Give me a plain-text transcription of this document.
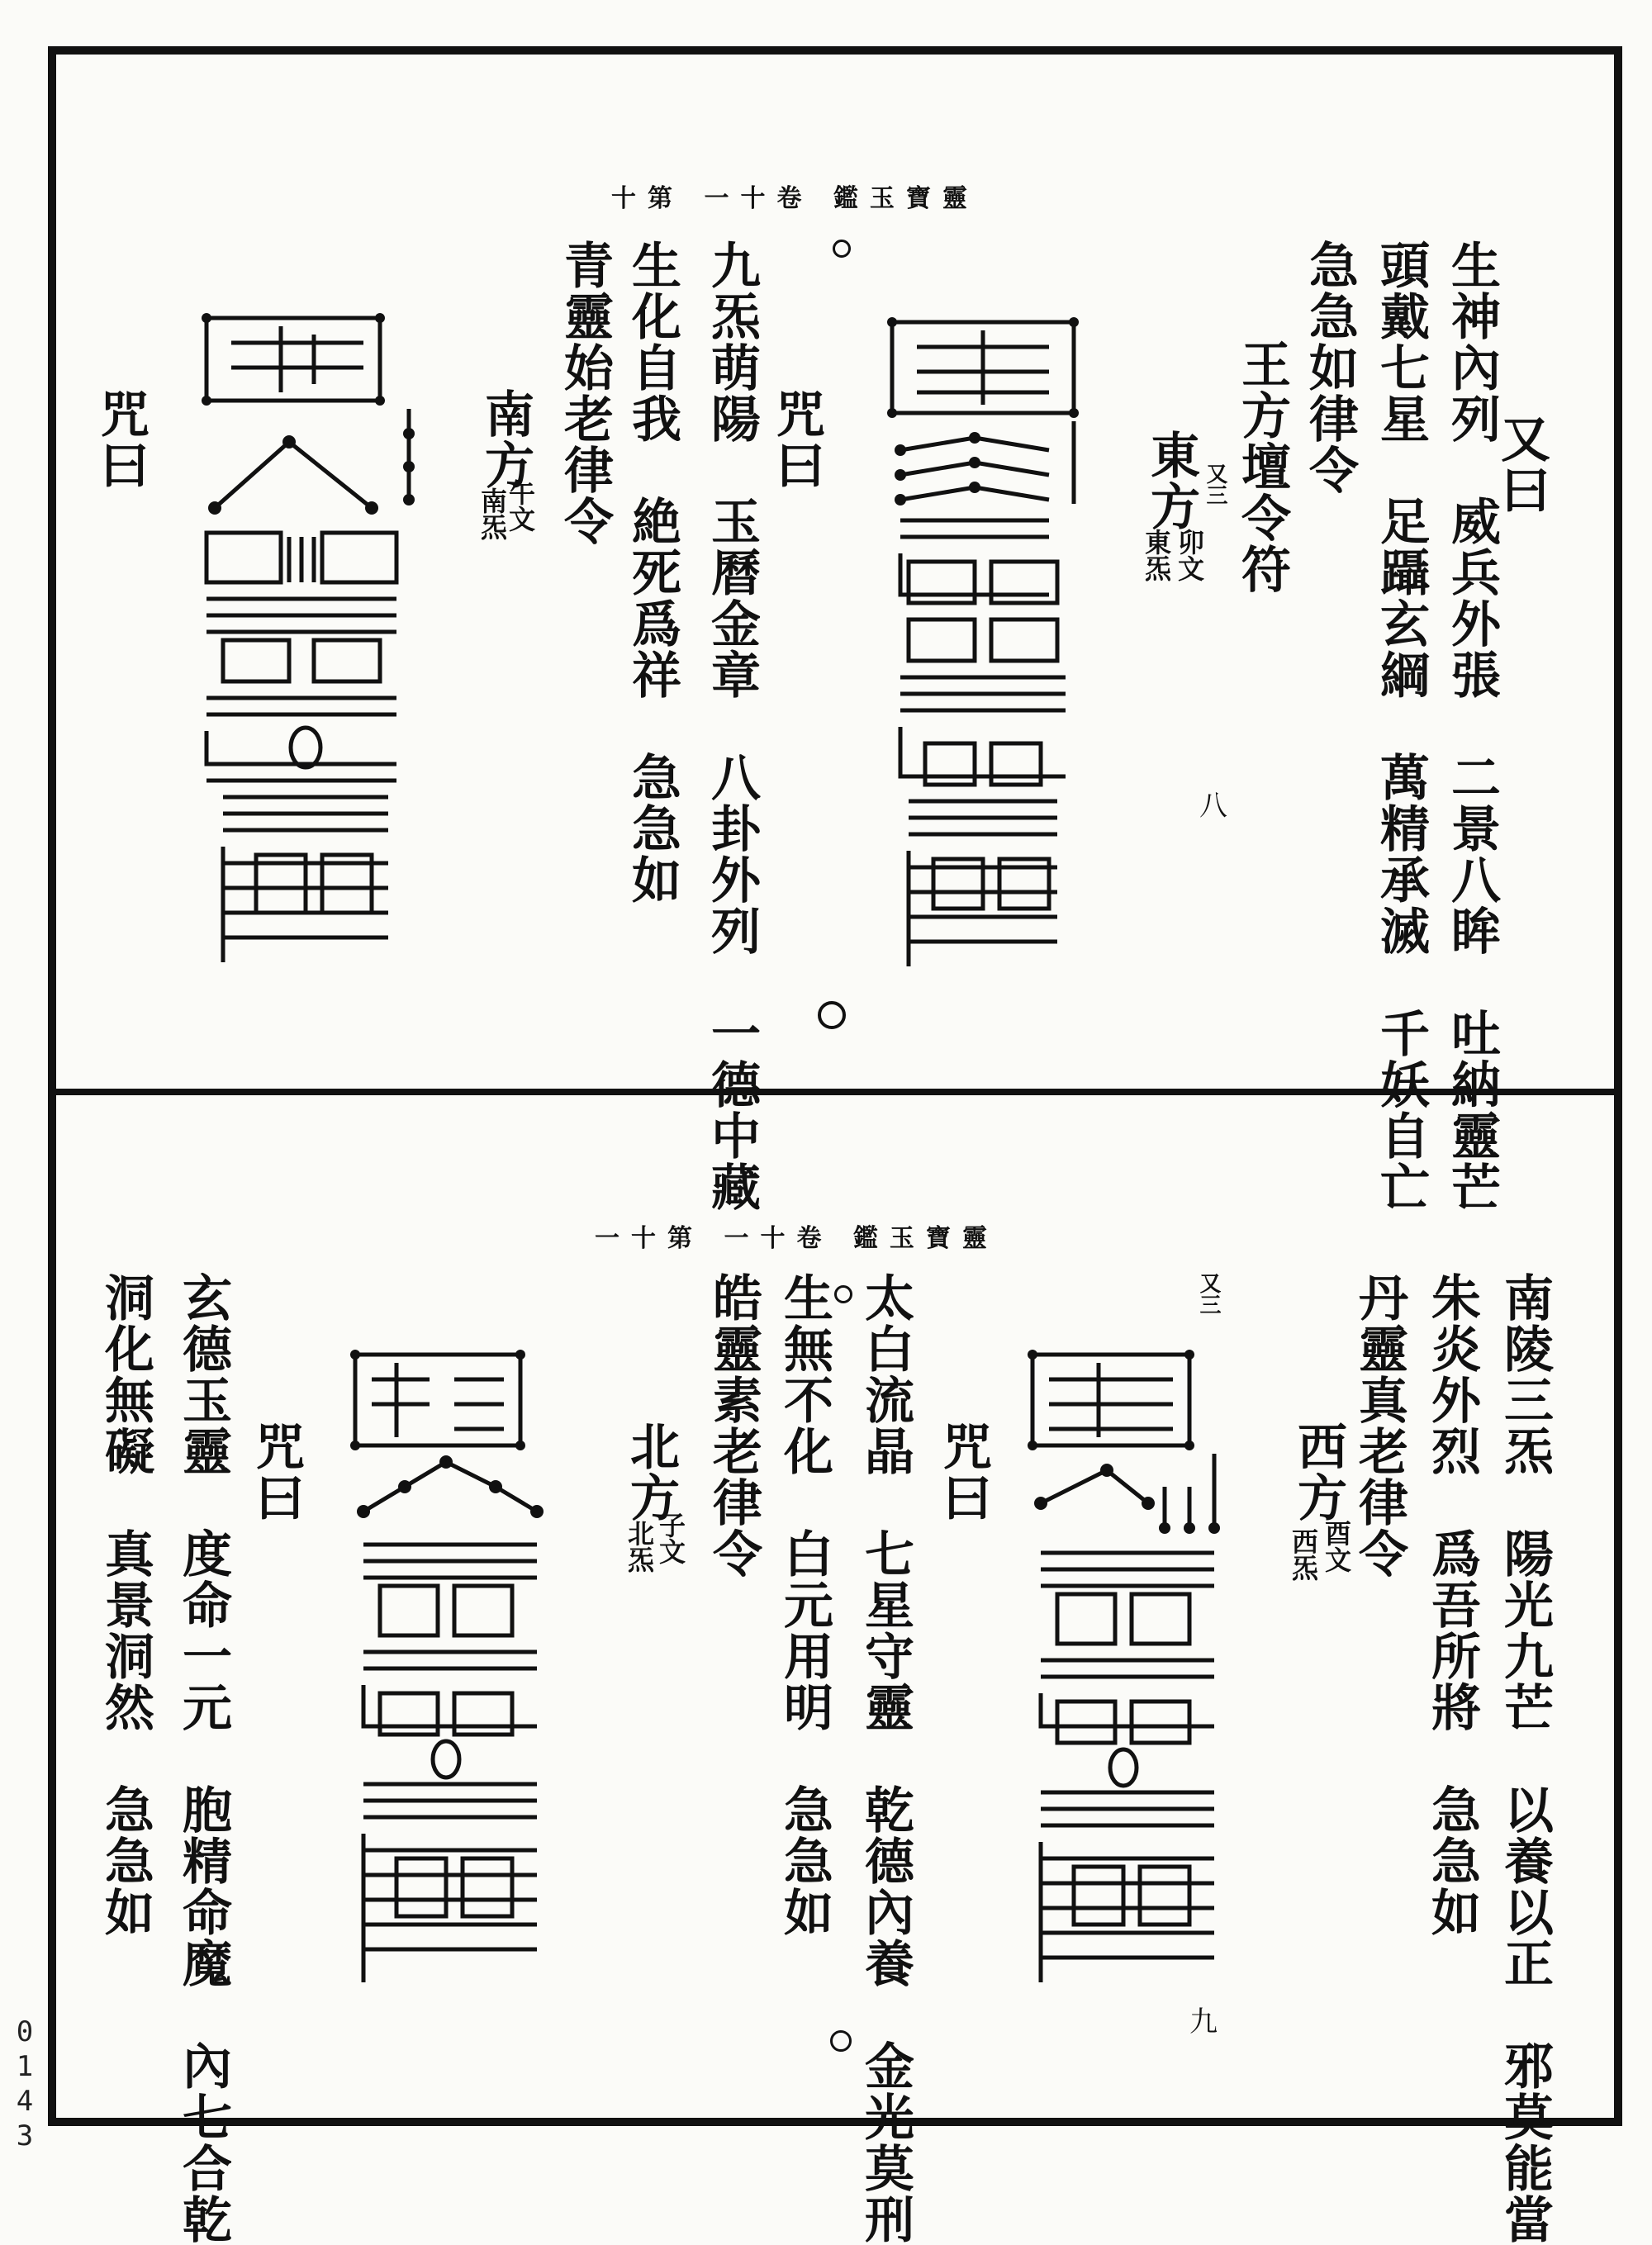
靈寶玉鑑 卷十一 第十
又曰
生神內列　威兵外張　二景八眸　吐納靈芒
頭戴七星　足躡玄綱　萬精承滅　千妖自亡
急急如律令
王方壇令符
東方
卯文
東炁
又三
八
九炁萌陽　玉曆金章　八卦外列　一德中藏 咒曰
生化自我　絶死爲祥　急急如
青靈始老律令
南方
午文
南炁
咒曰
靈寶玉鑑 卷十一 第十一
南陵三炁　陽光九芒　以養以正　邪莫能當
朱炎外烈　爲吾所將　急急如
丹靈真老律令
西方
酉文
西炁
又三
九
太白流晶　七星守靈　乾德內養　金光莫刑 咒曰
生無不化　白元用明　急急如
皓靈素老律令
北方
子文
北炁
玄德玉靈　度命一元　胞精命魔　內七合乾 咒曰
洞化無礙　真景洞然　急急如
0143
